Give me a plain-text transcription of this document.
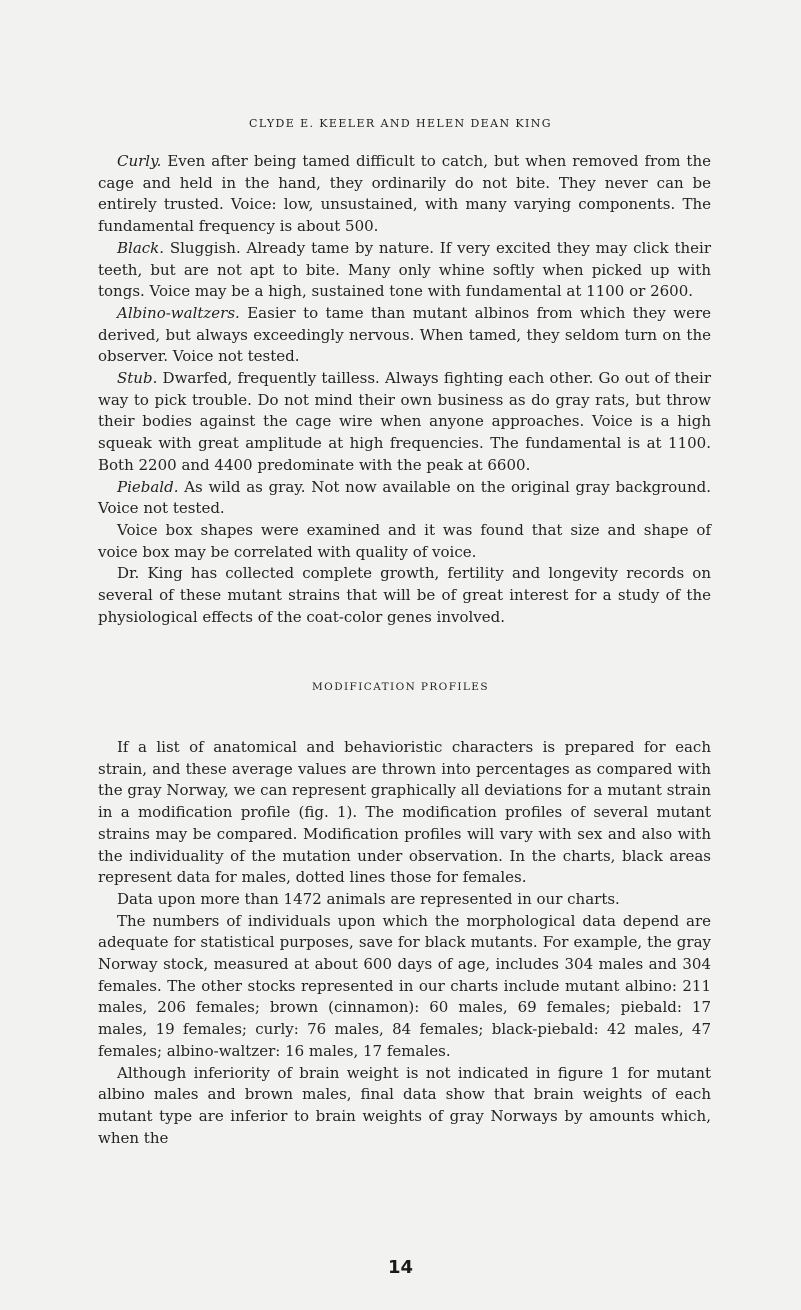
CLYDE E. KEELER AND HELEN DEAN KING

Curly. Even after being tamed difficult to catch, but when removed from the cage and held in the hand, they ordinarily do not bite. They never can be entirely trusted. Voice: low, unsustained, with many varying components. The fundamental frequency is about 500.

Black. Sluggish. Already tame by nature. If very excited they may click their teeth, but are not apt to bite. Many only whine softly when picked up with tongs. Voice may be a high, sustained tone with fundamental at 1100 or 2600.

Albino-waltzers. Easier to tame than mutant albinos from which they were derived, but always exceedingly nervous. When tamed, they seldom turn on the observer. Voice not tested.

Stub. Dwarfed, frequently tailless. Always fighting each other. Go out of their way to pick trouble. Do not mind their own business as do gray rats, but throw their bodies against the cage wire when anyone approaches. Voice is a high squeak with great amplitude at high frequencies. The fundamental is at 1100. Both 2200 and 4400 predominate with the peak at 6600.

Piebald. As wild as gray. Not now available on the original gray background. Voice not tested.

Voice box shapes were examined and it was found that size and shape of voice box may be correlated with quality of voice.

Dr. King has collected complete growth, fertility and longevity records on several of these mutant strains that will be of great interest for a study of the physiological effects of the coat-color genes involved.

MODIFICATION PROFILES

If a list of anatomical and behavioristic characters is prepared for each strain, and these average values are thrown into percentages as compared with the gray Norway, we can represent graphically all deviations for a mutant strain in a modification profile (fig. 1). The modification profiles of several mutant strains may be compared. Modification profiles will vary with sex and also with the individuality of the mutation under observation. In the charts, black areas represent data for males, dotted lines those for females.

Data upon more than 1472 animals are represented in our charts.

The numbers of individuals upon which the morphological data depend are adequate for statistical purposes, save for black mutants. For example, the gray Norway stock, measured at about 600 days of age, includes 304 males and 304 females. The other stocks represented in our charts include mutant albino: 211 males, 206 females; brown (cinnamon): 60 males, 69 females; piebald: 17 males, 19 females; curly: 76 males, 84 females; black-piebald: 42 males, 47 females; albino-waltzer: 16 males, 17 females.

Although inferiority of brain weight is not indicated in figure 1 for mutant albino males and brown males, final data show that brain weights of each mutant type are inferior to brain weights of gray Norways by amounts which, when the

14
